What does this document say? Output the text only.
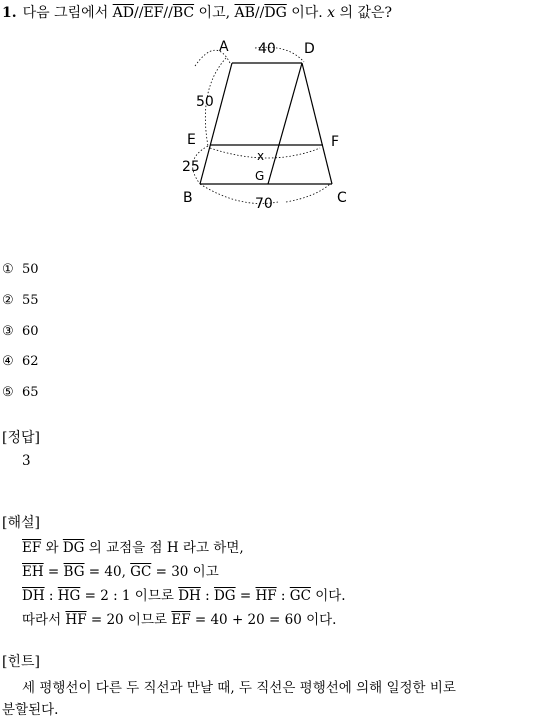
1. 다음 그림에서 $\overline{AD}//\overline{EF}//\overline{BC}$ 이고, $\overline{AB}//\overline{DG}$ 이다. x 의 값은?
A 40 D
50
E	F
x
25
G
B	70	C
① 50
② 55
③ 60
④ 62
⑤ 65
[정답]
3
[해설]
$\overline{EF}$ 와 $\overline{DG}$ 의 교점을 점 H 라고 하면,
$\overline{EH} = \overline{BG} = 40$, $\overline{GC} = 30$ 이고
$\overline{DH}$ : $\overline{HG} = 2$ : 1 이므로 $\overline{DH}$ : $\overline{DG} = \overline{HF}$ : $\overline{GC}$ 이다.
따라서 $\overline{HF} = 20$ 이므로 $\overline{EF} = 40 + 20 = 60$ 이다.
[힌트]
세 평행선이 다른 두 직선과 만날 때, 두 직선은 평행선에 의해 일정한 비로
분할된다.
